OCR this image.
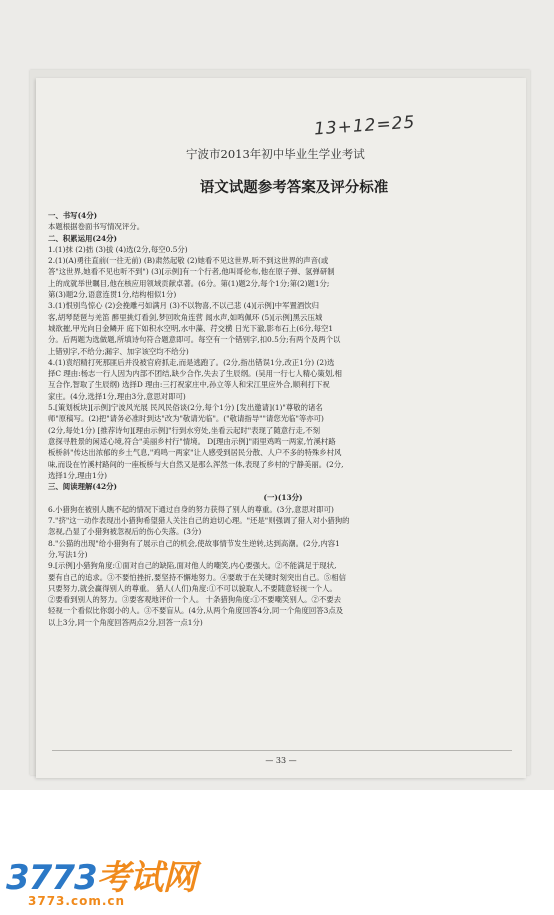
13+12=25
宁波市2013年初中毕业生学业考试
语文试题参考答案及评分标准

一、书写(4分)

本题根据卷面书写情况评分。

二、积累运用(24分)

1.(1)抹 (2)拙 (3)拔 (4)选(2分,每空0.5分)

2.(1)(A)勇往直前(一往无前) (B)肃然起敬 (2)她看不见这世界,听不到这世界的声音(或

答"这世界,她看不见也听不到") (3)[示例]有一个行者,他叫哥伦布,他在原子弹、氢弹研制

上的成就举世瞩目,他在核应用领域贡献卓著。(6分。第(1)题2分,每个1分;第(2)题1分;

第(3)题2分,语意连贯1分,结构相似1分)

3.(1)恨别鸟惊心 (2)会挽雕弓如满月 (3)不以物喜,不以己悲 (4)[示例]中军置酒饮归

客,胡琴琵琶与羌笛 醉里挑灯看剑,梦回吹角连营 闻水声,如鸣佩环 (5)[示例]黑云压城

城欲摧,甲光向日金鳞开 庭下如积水空明,水中藻、荇交横 日光下澈,影布石上(6分,每空1

分。后两题为选做题,所填诗句符合题意即可。每空有一个错别字,扣0.5分;有两个及两个以

上错别字,不给分;漏字、加字该空均不给分)

4.(1)袁绍精打死那匪后并没被官府抓走,而是逃跑了。(2分,指出错误1分,改正1分) (2)选

择C 理由:杨志一行人因为内部不团结,缺少合作,失去了生辰纲。(吴用一行七人精心策划,相

互合作,智取了生辰纲) 选择D 理由:三打祝家庄中,孙立等人和宋江里应外合,顺利打下祝

家庄。(4分,选择1分,理由3分,意思对即可)

5.[策划板块][示例]宁波风光展 民风民俗谈(2分,每个1分) [发出邀请](1)"尊敬的诸名

师"原稿写。(2)把"请务必准时到达"改为"敬请光临"。("敬请指导""请您光临"等亦可)

(2分,每处1分) [推荐诗句][理由示例]"行到水穷处,坐看云起时"表现了随意行走,不刻

意探寻胜景的闲适心境,符合"美丽乡村行"情境。 D[理由示例]"雨里鸡鸣一两家,竹溪村路

板桥斜"传达出浓郁的乡土气息,"鸡鸣一两家"让人感受到居民分散、人户不多的特殊乡村风

味,而设在竹溪村路间的一座板桥与大自然又是那么浑然一体,表现了乡村的宁静美丽。(2分,

选择1分,理由1分)

三、阅读理解(42分)

(一)(13分)

6.小猎狗在被别人瞧不起的情况下通过自身的努力获得了别人的尊重。(3分,意思对即可)

7."挤"这一动作表现出小猎狗希望猎人关注自己的迫切心理。"还是"则强调了猎人对小猎狗的

忽视,凸显了小猎狗被忽视后的伤心失落。(3分)

8."公猫的出现"给小猎狗有了展示自己的机会,使故事情节发生逆转,达到高潮。(2分,内容1

分,写法1分)

9.[示例]小猎狗角度:①面对自己的缺陷,面对他人的嘲笑,内心要强大。②不能满足于现状,

要有自己的追求。③不要怕挫折,要坚持不懈地努力。④要敢于在关键时刻突出自己。⑤相信

只要努力,就会赢得别人的尊重。 猎人(人们)角度:①不可以貌取人,不要随意轻视一个人。

②要看到别人的努力。③要客观地评价一个人。 十条猎狗角度:①不要嘲笑别人。②不要去

轻视一个看似比你弱小的人。③不要盲从。(4分,从两个角度回答4分,同一个角度回答3点及

以上3分,同一个角度回答两点2分,回答一点1分)

— 33 —
3773考试网
3773.com.cn
